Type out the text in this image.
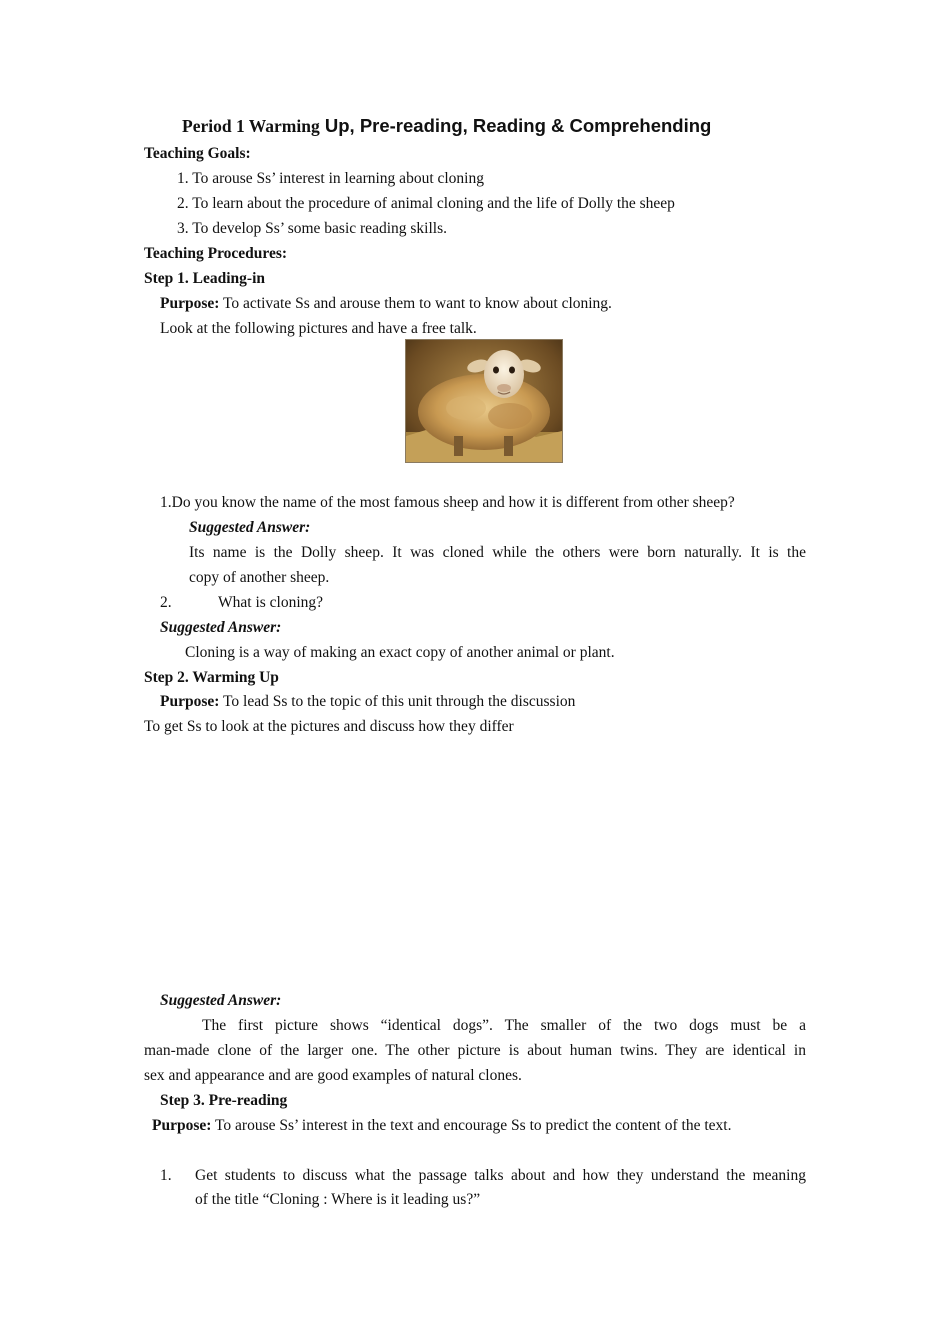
Period 1 Warming Up, Pre-reading, Reading & Comprehending
Teaching Goals:
1. To arouse Ss’ interest in learning about cloning
2. To learn about the procedure of animal cloning and the life of Dolly the sheep
3. To develop Ss’ some basic reading skills.
Teaching Procedures:
Step 1. Leading-in
Purpose: To activate Ss and arouse them to want to know about cloning.
Look at the following pictures and have a free talk.
1.Do you know the name of the most famous sheep and how it is different from other sheep?
Suggested Answer:
Its name is the Dolly sheep. It was cloned while the others were born naturally. It is the
copy of another sheep.
2.	What is cloning?
Suggested Answer:
Cloning is a way of making an exact copy of another animal or plant.
Step 2. Warming Up
Purpose: To lead Ss to the topic of this unit through the discussion
To get Ss to look at the pictures and discuss how they differ
Suggested Answer:
The first picture shows “identical dogs”. The smaller of the two dogs must be a
man-made clone of the larger one. The other picture is about human twins. They are identical in
sex and appearance and are good examples of natural clones.
Step 3. Pre-reading
Purpose: To arouse Ss’ interest in the text and encourage Ss to predict the content of the text.
1. Get students to discuss what the passage talks about and how they understand the meaning
of the title “Cloning : Where is it leading us?”
